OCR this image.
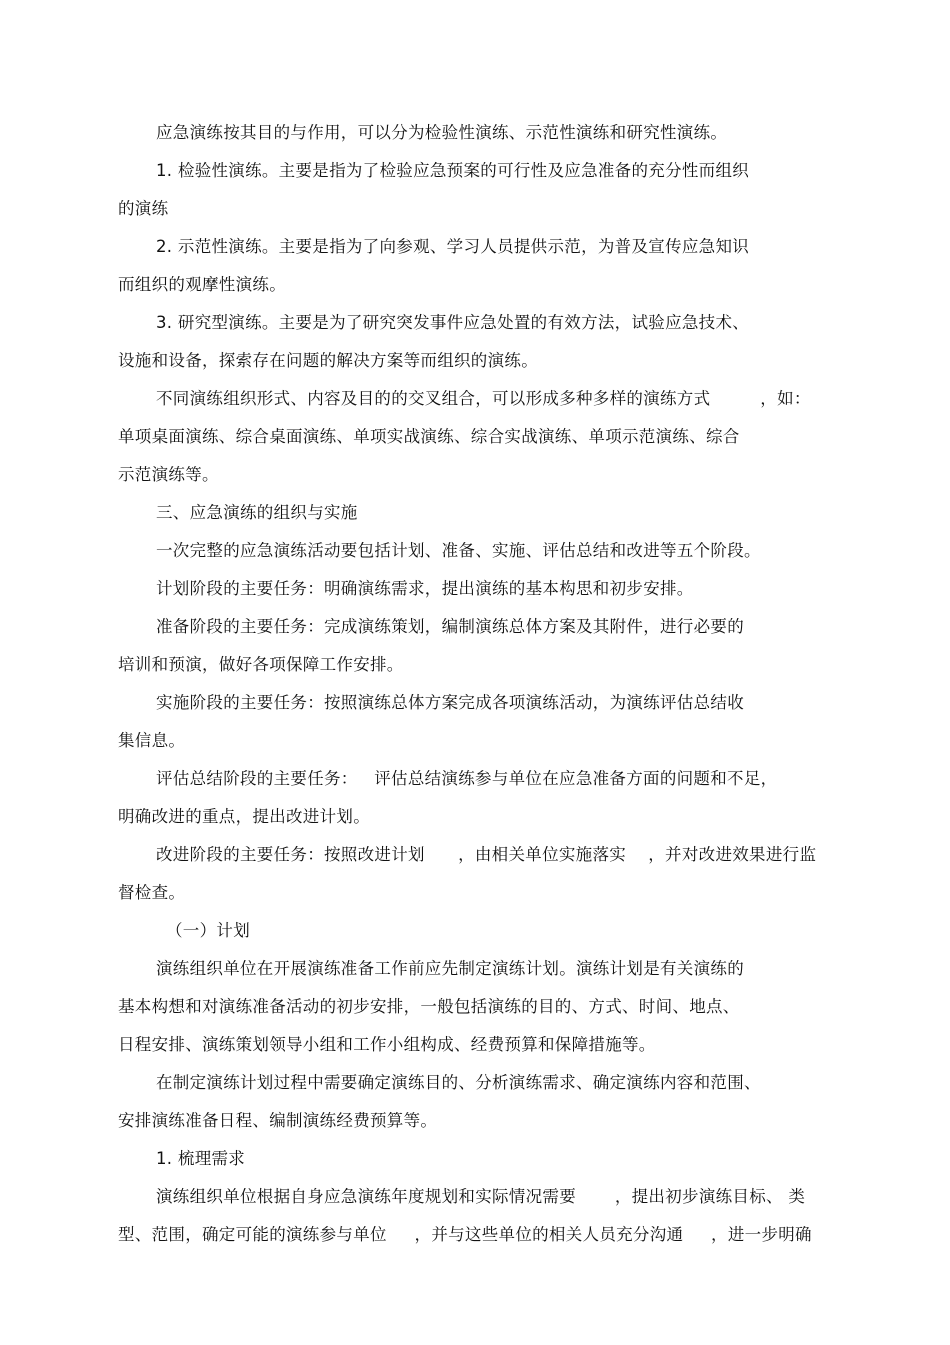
应急演练按其目的与作用，可以分为检验性演练、示范性演练和研究性演练。
1. 检验性演练。主要是指为了检验应急预案的可行性及应急准备的充分性而组织
的演练
2. 示范性演练。主要是指为了向参观、学习人员提供示范，为普及宣传应急知识
而组织的观摩性演练。
3. 研究型演练。主要是为了研究突发事件应急处置的有效方法，试验应急技术、
设施和设备，探索存在问题的解决方案等而组织的演练。
不同演练组织形式、内容及目的的交叉组合，可以形成多种多样的演练方式         ，如：
单项桌面演练、综合桌面演练、单项实战演练、综合实战演练、单项示范演练、综合
示范演练等。
三、应急演练的组织与实施
一次完整的应急演练活动要包括计划、准备、实施、评估总结和改进等五个阶段。
计划阶段的主要任务：明确演练需求，提出演练的基本构思和初步安排。
准备阶段的主要任务：完成演练策划，编制演练总体方案及其附件，进行必要的
培训和预演，做好各项保障工作安排。
实施阶段的主要任务：按照演练总体方案完成各项演练活动，为演练评估总结收
集信息。
评估总结阶段的主要任务：   评估总结演练参与单位在应急准备方面的问题和不足，
明确改进的重点，提出改进计划。
改进阶段的主要任务：按照改进计划      ，由相关单位实施落实    ，并对改进效果进行监
督检查。
（一）计划
演练组织单位在开展演练准备工作前应先制定演练计划。演练计划是有关演练的
基本构想和对演练准备活动的初步安排，一般包括演练的目的、方式、时间、地点、
日程安排、演练策划领导小组和工作小组构成、经费预算和保障措施等。
在制定演练计划过程中需要确定演练目的、分析演练需求、确定演练内容和范围、
安排演练准备日程、编制演练经费预算等。
1. 梳理需求
演练组织单位根据自身应急演练年度规划和实际情况需要       ，提出初步演练目标、 类
型、范围，确定可能的演练参与单位     ，并与这些单位的相关人员充分沟通     ，进一步明确
